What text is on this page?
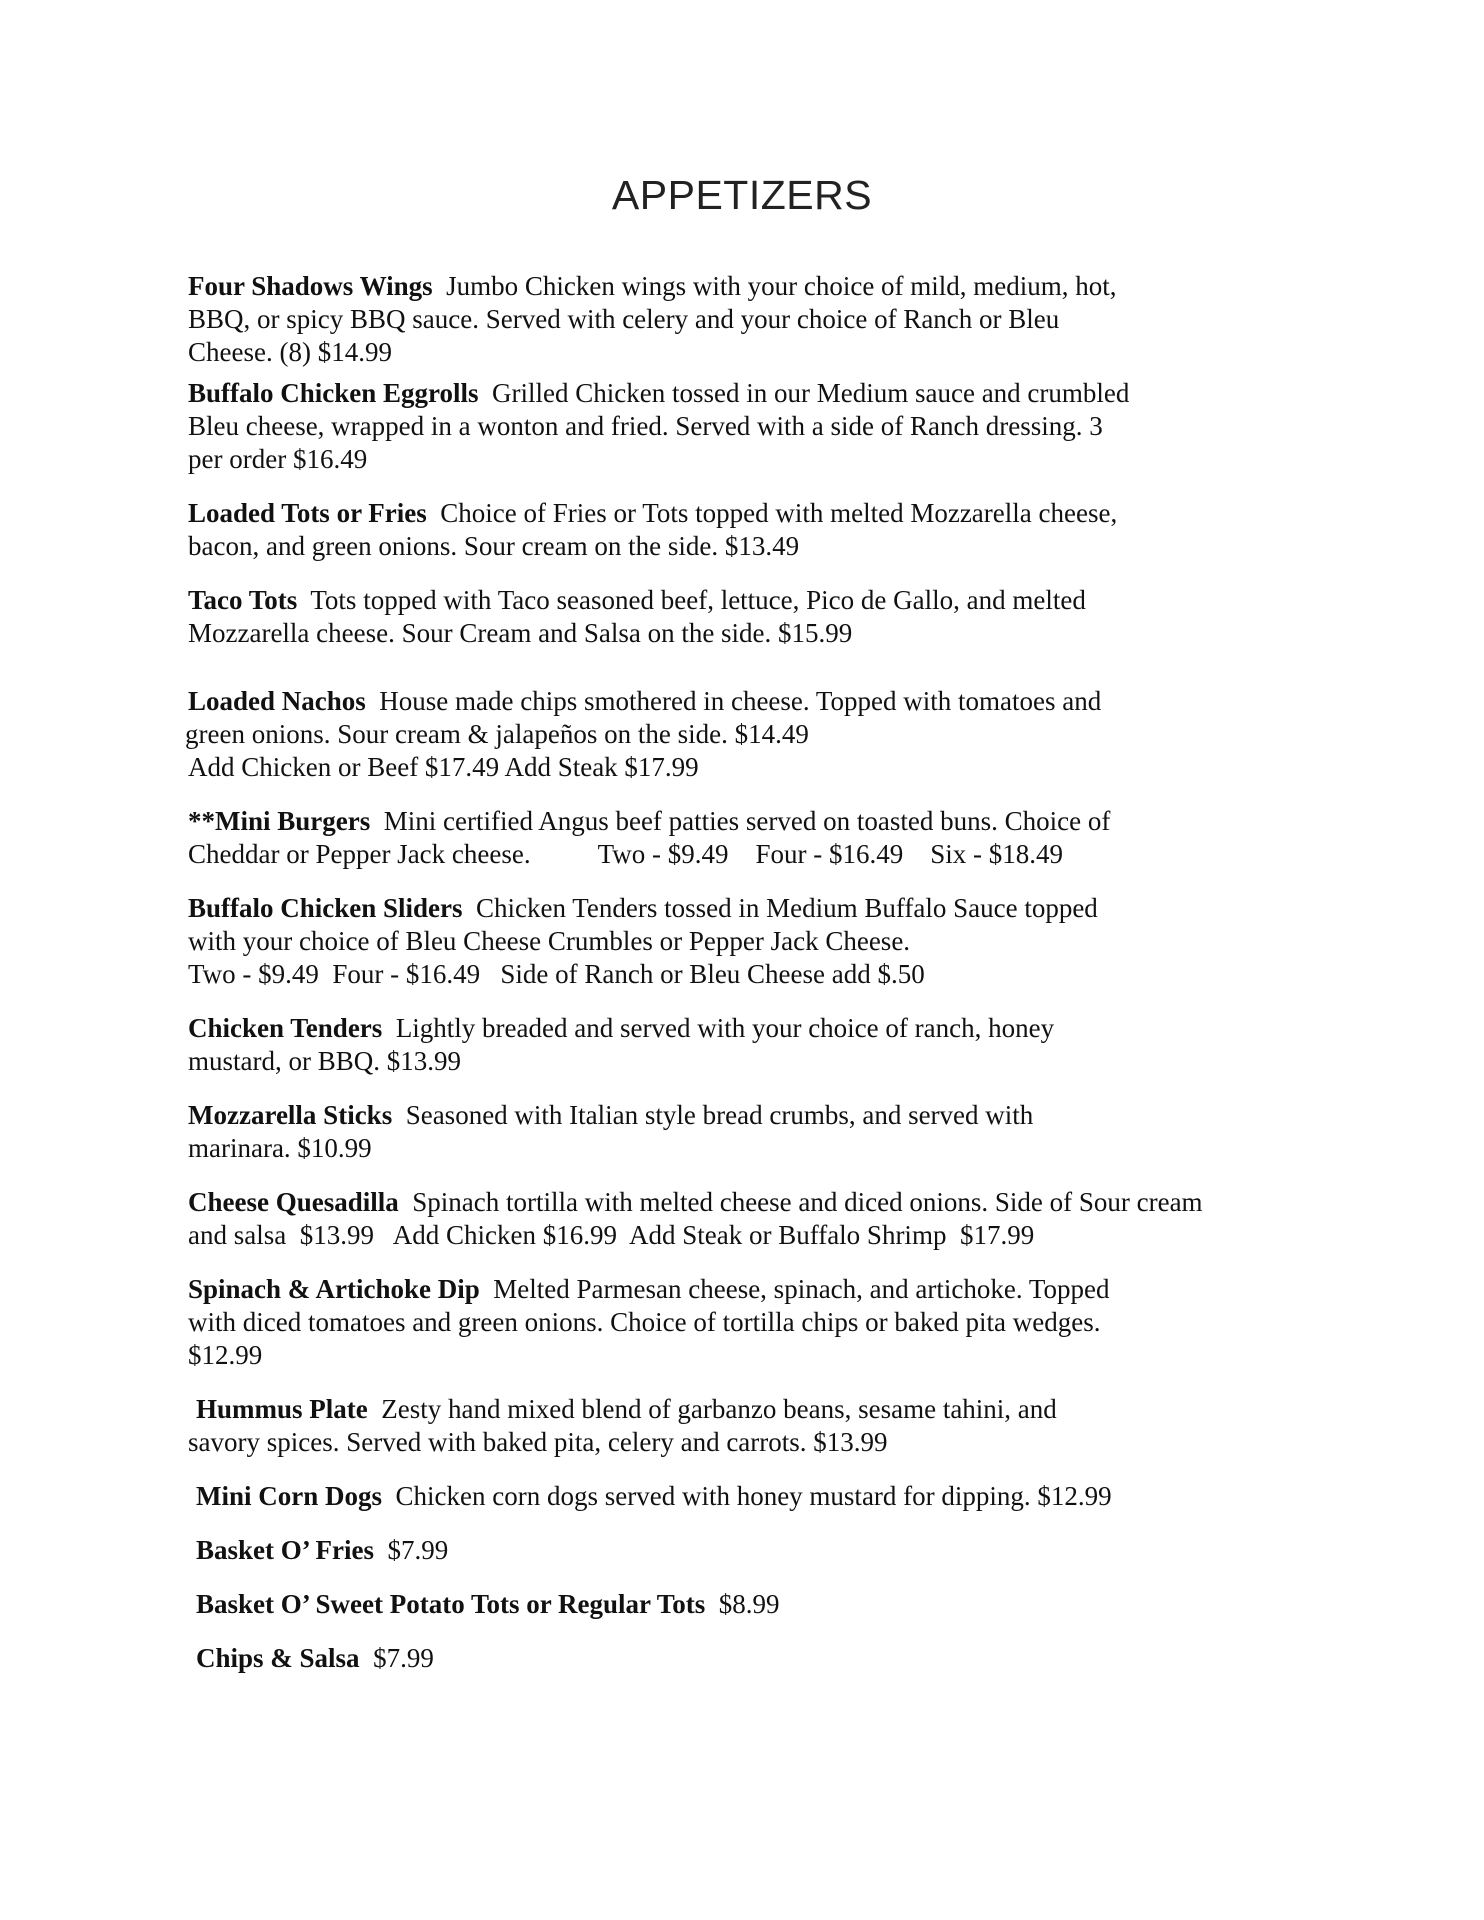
APPETIZERS

Four Shadows Wings Jumbo Chicken wings with your choice of mild, medium, hot,
BBQ, or spicy BBQ sauce. Served with celery and your choice of Ranch or Bleu
Cheese. (8) $14.99

Buffalo Chicken Eggrolls Grilled Chicken tossed in our Medium sauce and crumbled
Bleu cheese, wrapped in a wonton and fried. Served with a side of Ranch dressing. 3
per order $16.49

Loaded Tots or Fries Choice of Fries or Tots topped with melted Mozzarella cheese,
bacon, and green onions. Sour cream on the side. $13.49

Taco Tots Tots topped with Taco seasoned beef, lettuce, Pico de Gallo, and melted
Mozzarella cheese. Sour Cream and Salsa on the side. $15.99

Loaded Nachos House made chips smothered in cheese. Topped with tomatoes and
green onions. Sour cream & jalapeños on the side. $14.49
Add Chicken or Beef $17.49 Add Steak $17.99

**Mini Burgers Mini certified Angus beef patties served on toasted buns. Choice of
Cheddar or Pepper Jack cheese.          Two - $9.49    Four - $16.49    Six - $18.49

Buffalo Chicken Sliders Chicken Tenders tossed in Medium Buffalo Sauce topped
with your choice of Bleu Cheese Crumbles or Pepper Jack Cheese.
Two - $9.49  Four - $16.49   Side of Ranch or Bleu Cheese add $.50

Chicken Tenders Lightly breaded and served with your choice of ranch, honey
mustard, or BBQ. $13.99

Mozzarella Sticks Seasoned with Italian style bread crumbs, and served with
marinara. $10.99

Cheese Quesadilla Spinach tortilla with melted cheese and diced onions. Side of Sour cream
and salsa  $13.99   Add Chicken $16.99  Add Steak or Buffalo Shrimp  $17.99

Spinach & Artichoke Dip Melted Parmesan cheese, spinach, and artichoke. Topped
with diced tomatoes and green onions. Choice of tortilla chips or baked pita wedges.
$12.99

Hummus Plate Zesty hand mixed blend of garbanzo beans, sesame tahini, and
savory spices. Served with baked pita, celery and carrots. $13.99

Mini Corn Dogs Chicken corn dogs served with honey mustard for dipping. $12.99

Basket O’ Fries $7.99

Basket O’ Sweet Potato Tots or Regular Tots $8.99

Chips & Salsa $7.99
